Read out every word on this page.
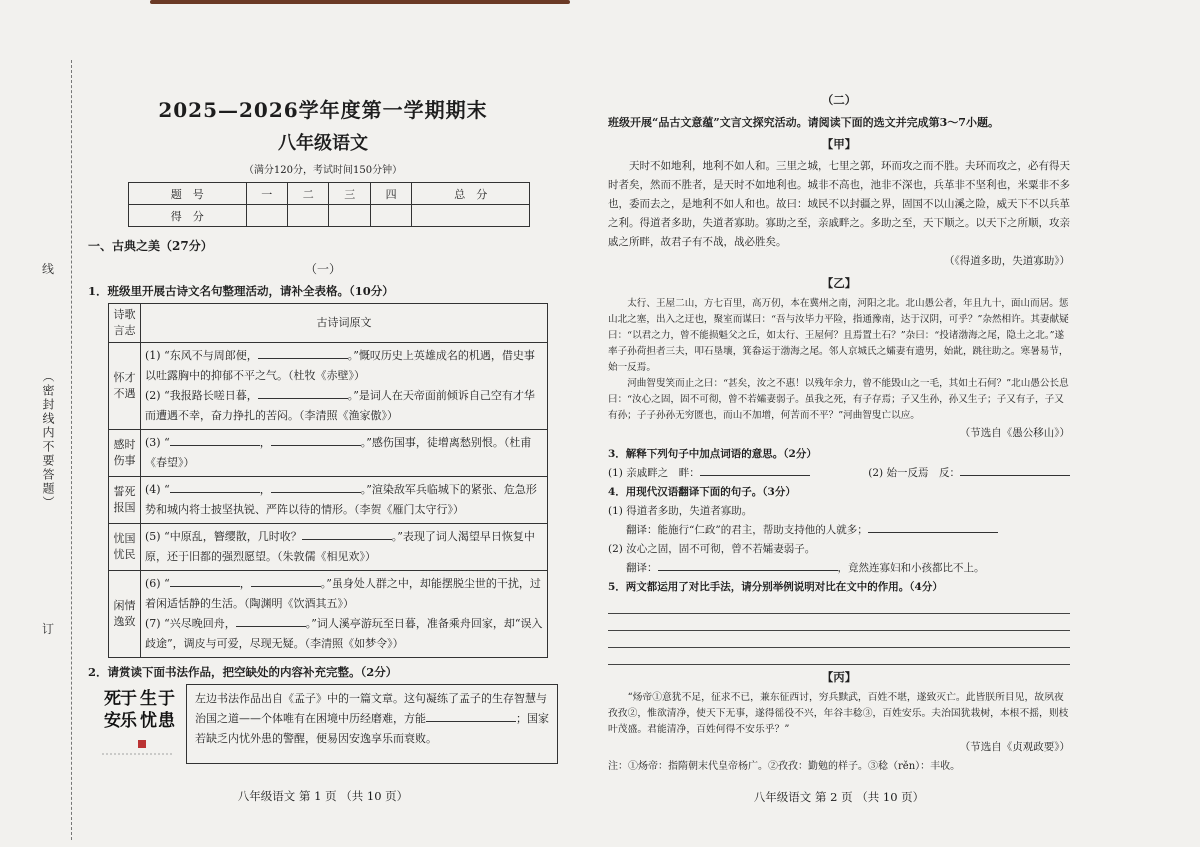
线
（密封线内不要答题）
订
2025—2026学年度第一学期期末
八年级语文
（满分120分，考试时间150分钟）
题　号	一	二	三	四	总　分
得　分					
一、古典之美（27分）
（一）
1．班级里开展古诗文名句整理活动，请补全表格。（10分）
诗歌言志	古诗词原文
怀才不遇	(1) “东风不与周郎便， 。”慨叹历史上英雄成名的机遇，借史事以吐露胸中的抑郁不平之气。（杜牧《赤壁》）
(2) “我报路长嗟日暮， 。”是词人在天帝面前倾诉自己空有才华而遭遇不幸，奋力挣扎的苦闷。（李清照《渔家傲》）

感时伤事	(3) “ ， 。”感伤国事，徒增离愁别恨。（杜甫《春望》）
誓死报国	(4) “ ， 。”渲染敌军兵临城下的紧张、危急形势和城内将士披坚执锐、严阵以待的情形。（李贺《雁门太守行》）
忧国忧民	(5) “中原乱，簪缨散，几时收？ 。”表现了词人渴望早日恢复中原，还于旧都的强烈愿望。（朱敦儒《相见欢》）
闲情逸致	(6) “ ， 。”虽身处人群之中，却能摆脱尘世的干扰，过着闲适恬静的生活。（陶渊明《饮酒其五》）
(7) “兴尽晚回舟， 。”词人溪亭游玩至日暮，准备乘舟回家，却“误入歧途”，调皮与可爱，尽现无疑。（李清照《如梦令》）
2．请赏读下面书法作品，把空缺处的内容补充完整。（2分）
生 于
忧 患
死 于
安 乐
左边书法作品出自《孟子》中的一篇文章。这句凝练了孟子的生存智慧与治国之道——个体唯有在困境中历经磨难，方能	；国家若缺乏内忧外患的警醒，便易因安逸享乐而衰败。
八年级语文 第 1 页 （共 10 页）
（二）
班级开展“品古文意蕴”文言文探究活动。请阅读下面的选文并完成第3～7小题。
【甲】
天时不如地利，地利不如人和。三里之城，七里之郭，环而攻之而不胜。夫环而攻之，必有得天时者矣，然而不胜者，是天时不如地利也。城非不高也，池非不深也，兵革非不坚利也，米粟非不多也，委而去之，是地利不如人和也。故曰：域民不以封疆之界，固国不以山溪之险，威天下不以兵革之利。得道者多助，失道者寡助。寡助之至，亲戚畔之。多助之至，天下顺之。以天下之所顺，攻亲戚之所畔，故君子有不战，战必胜矣。
（《得道多助，失道寡助》）
【乙】
太行、王屋二山，方七百里，高万仞，本在冀州之南，河阳之北。北山愚公者，年且九十，面山而居。惩山北之塞，出入之迂也，聚室而谋曰：“吾与汝毕力平险，指通豫南，达于汉阴，可乎？”杂然相许。其妻献疑曰：“以君之力，曾不能损魁父之丘，如太行、王屋何？且焉置土石？”杂曰：“投诸渤海之尾，隐土之北。”遂率子孙荷担者三夫，叩石垦壤，箕畚运于渤海之尾。邻人京城氏之孀妻有遗男，始龀，跳往助之。寒暑易节，始一反焉。
河曲智叟笑而止之曰：“甚矣，汝之不惠！以残年余力，曾不能毁山之一毛，其如土石何？”北山愚公长息曰：“汝心之固，固不可彻，曾不若孀妻弱子。虽我之死，有子存焉；子又生孙，孙又生子；子又有子，子又有孙；子子孙孙无穷匮也，而山不加增，何苦而不平？”河曲智叟亡以应。
（节选自《愚公移山》）
3．解释下列句子中加点词语的意思。（2分）
(1) 亲戚畔之　畔：	(2) 始一反焉　反：
4．用现代汉语翻译下面的句子。（3分）
(1) 得道者多助，失道者寡助。
翻译：能施行“仁政”的君主，帮助支持他的人就多；
(2) 汝心之固，固不可彻，曾不若孀妻弱子。
翻译：	，竟然连寡妇和小孩都比不上。
5．两文都运用了对比手法，请分别举例说明对比在文中的作用。（4分）
【丙】
“炀帝①意犹不足，征求不已，兼东征西讨，穷兵黩武，百姓不堪，遂致灭亡。此皆朕所目见，故夙夜孜孜②，惟欲清净，使天下无事，遂得徭役不兴，年谷丰稔③，百姓安乐。夫治国犹栽树，本根不摇，则枝叶茂盛。君能清净，百姓何得不安乐乎？”
（节选自《贞观政要》）
注：①炀帝：指隋朝末代皇帝杨广。②孜孜：勤勉的样子。③稔（rěn）：丰收。
八年级语文 第 2 页 （共 10 页）
